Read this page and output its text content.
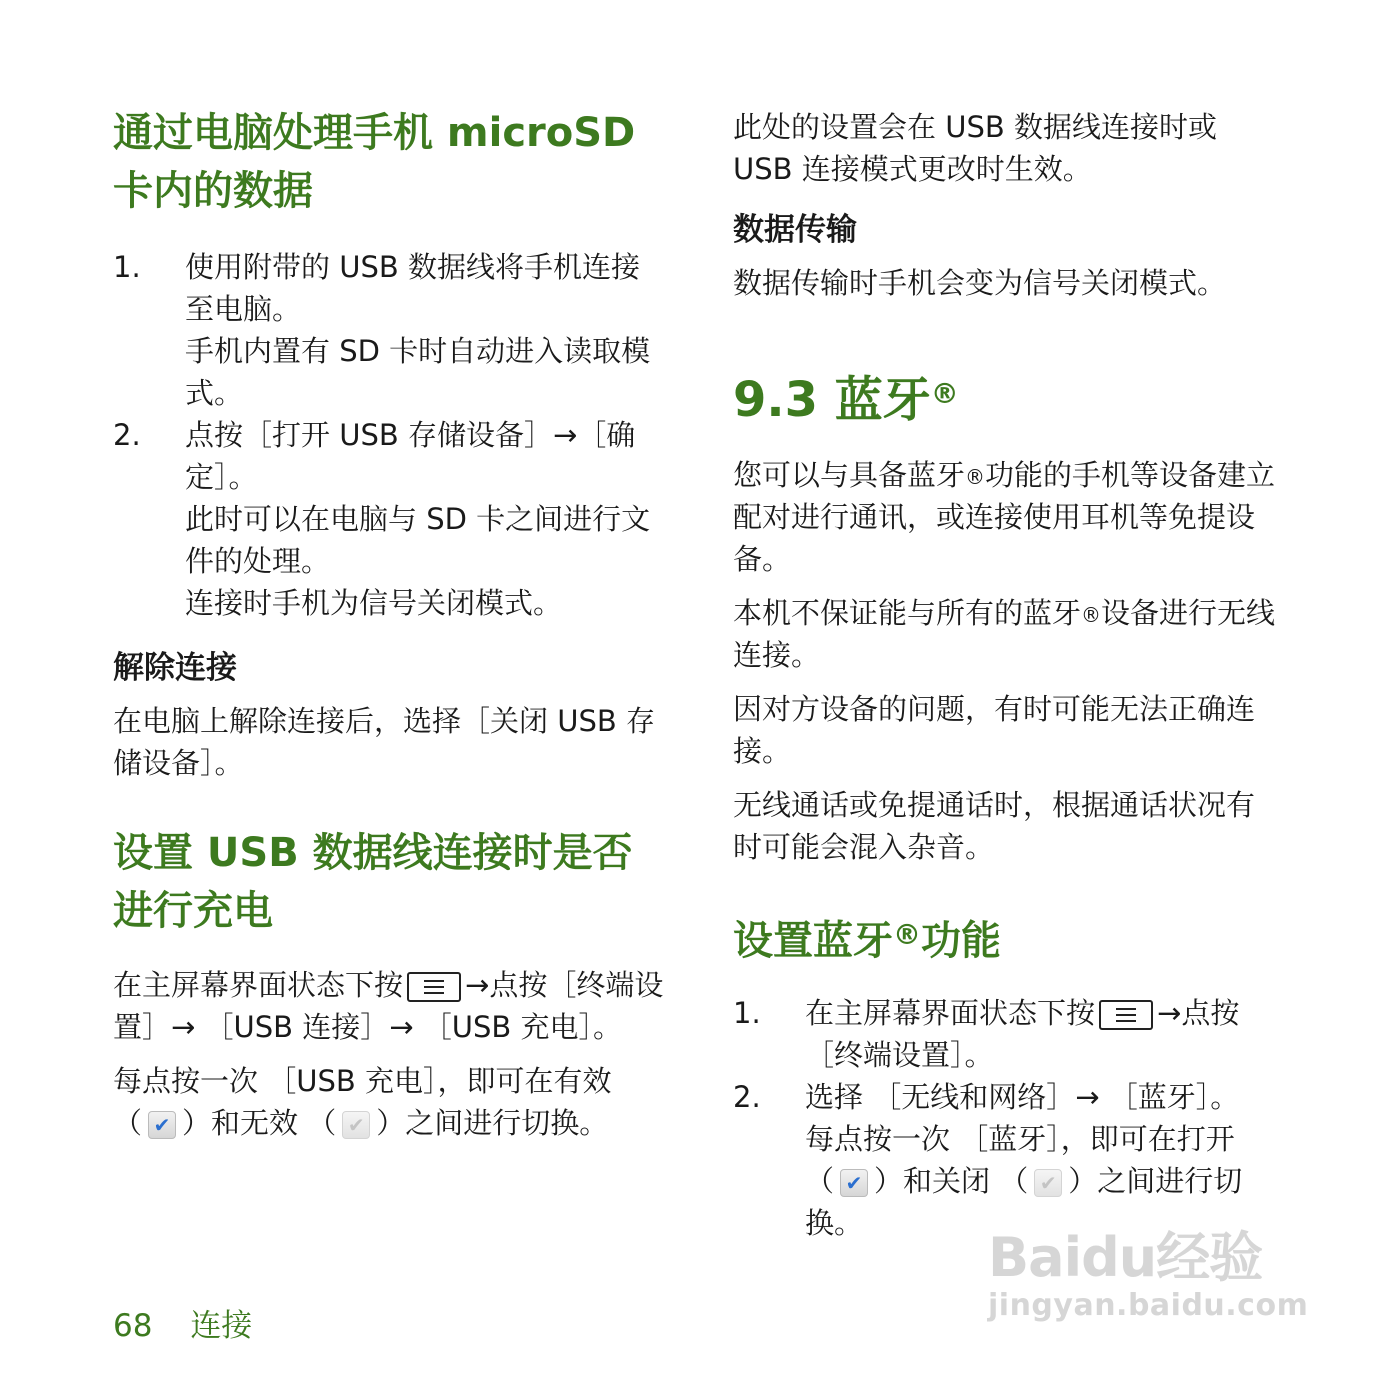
通过电脑处理手机 microSD 卡内的数据
1.	使用附带的 USB 数据线将手机连接至电脑。

手机内置有 SD 卡时自动进入读取模式。

2.	点按［打开 USB 存储设备］→［确定］。

此时可以在电脑与 SD 卡之间进行文件的处理。

连接时手机为信号关闭模式。

解除连接

在电脑上解除连接后，选择［关闭 USB 存储设备］。

设置 USB 数据线连接时是否进行充电

在主屏幕界面状态下按 →点按［终端设置］→ ［USB 连接］→ ［USB 充电］。

每点按一次 ［USB 充电］，即可在有效
（ ✔ ）和无效 （ ✔ ）之间进行切换。

此处的设置会在 USB 数据线连接时或 USB 连接模式更改时生效。

数据传输

数据传输时手机会变为信号关闭模式。

9.3 蓝牙®

您可以与具备蓝牙®功能的手机等设备建立配对进行通讯，或连接使用耳机等免提设备。

本机不保证能与所有的蓝牙®设备进行无线连接。

因对方设备的问题，有时可能无法正确连接。

无线通话或免提通话时，根据通话状况有时可能会混入杂音。

设置蓝牙®功能
1.	在主屏幕界面状态下按 →点按［终端设置］。

2.	选择 ［无线和网络］→ ［蓝牙］。

每点按一次 ［蓝牙］，即可在打开
（ ✔ ）和关闭 （ ✔ ）之间进行切换。

68 连接
Baidu经验
jingyan.baidu.com
